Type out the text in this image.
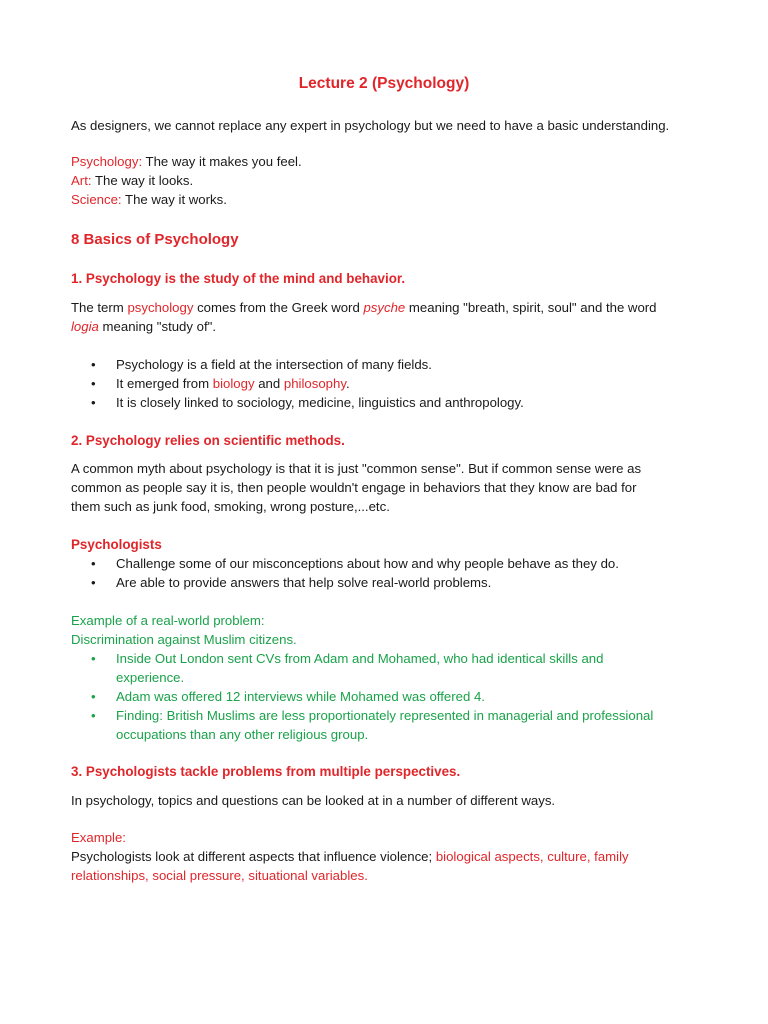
Lecture 2 (Psychology)

As designers, we cannot replace any expert in psychology but we need to have a basic understanding.

Psychology: The way it makes you feel.

Art: The way it looks.

Science: The way it works.

8 Basics of Psychology
1. Psychology is the study of the mind and behavior.

The term psychology comes from the Greek word psyche meaning "breath, spirit, soul" and the word

logia meaning "study of".

• Psychology is a field at the intersection of many fields.
• It emerged from biology and philosophy.
• It is closely linked to sociology, medicine, linguistics and anthropology.
2. Psychology relies on scientific methods.

A common myth about psychology is that it is just "common sense". But if common sense were as

common as people say it is, then people wouldn't engage in behaviors that they know are bad for

them such as junk food, smoking, wrong posture,...etc.

Psychologists
• Challenge some of our misconceptions about how and why people behave as they do.
• Are able to provide answers that help solve real-world problems.

Example of a real-world problem:

Discrimination against Muslim citizens.

• Inside Out London sent CVs from Adam and Mohamed, who had identical skills and
experience.
• Adam was offered 12 interviews while Mohamed was offered 4.
• Finding: British Muslims are less proportionately represented in managerial and professional
occupations than any other religious group.
3. Psychologists tackle problems from multiple perspectives.

In psychology, topics and questions can be looked at in a number of different ways.

Example:

Psychologists look at different aspects that influence violence; biological aspects, culture, family

relationships, social pressure, situational variables.
